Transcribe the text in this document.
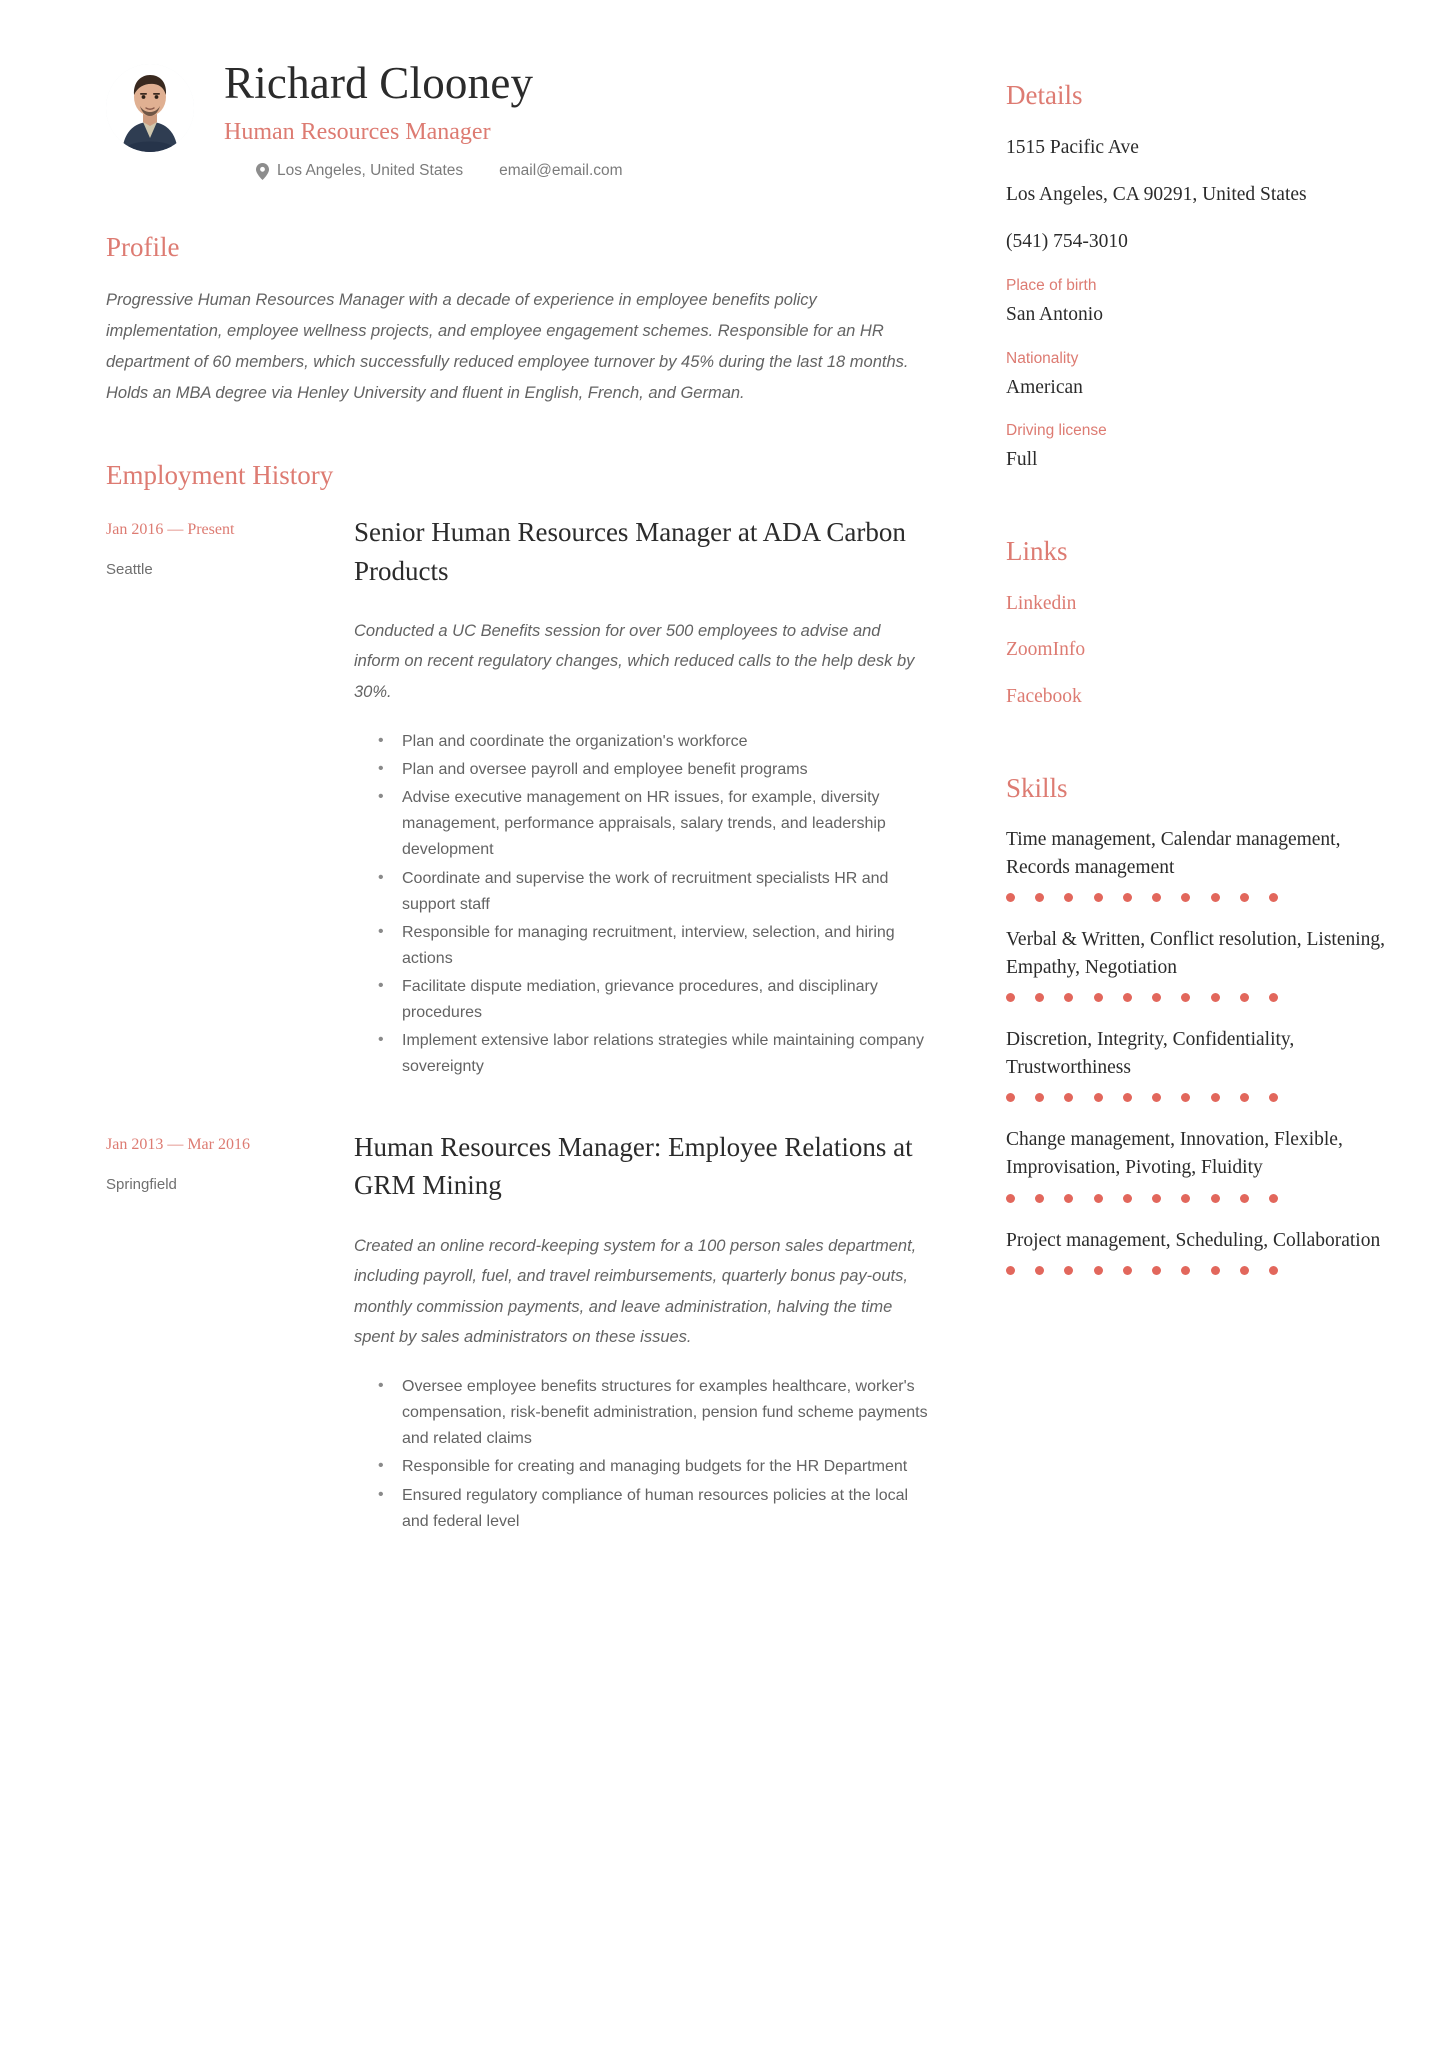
Richard Clooney
Human Resources Manager
Los Angeles, United States email@email.com
Profile

Progressive Human Resources Manager with a decade of experience in employee benefits policy implementation, employee wellness projects, and employee engagement schemes. Responsible for an HR department of 60 members, which successfully reduced employee turnover by 45% during the last 18 months. Holds an MBA degree via Henley University and fluent in English, French, and German.

Employment History
Jan 2016 — Present
Seattle
Senior Human Resources Manager at ADA Carbon Products

Conducted a UC Benefits session for over 500 employees to advise and inform on recent regulatory changes, which reduced calls to the help desk by 30%.

• Plan and coordinate the organization's workforce
• Plan and oversee payroll and employee benefit programs
• Advise executive management on HR issues, for example, diversity management, performance appraisals, salary trends, and leadership development
• Coordinate and supervise the work of recruitment specialists HR and support staff
• Responsible for managing recruitment, interview, selection, and hiring actions
• Facilitate dispute mediation, grievance procedures, and disciplinary procedures
• Implement extensive labor relations strategies while maintaining company sovereignty
Jan 2013 — Mar 2016
Springfield
Human Resources Manager: Employee Relations at GRM Mining

Created an online record-keeping system for a 100 person sales department, including payroll, fuel, and travel reimbursements, quarterly bonus pay-outs, monthly commission payments, and leave administration, halving the time spent by sales administrators on these issues.

• Oversee employee benefits structures for examples healthcare, worker's compensation, risk-benefit administration, pension fund scheme payments and related claims
• Responsible for creating and managing budgets for the HR Department
• Ensured regulatory compliance of human resources policies at the local and federal level
Details
1515 Pacific Ave
Los Angeles, CA 90291, United States
(541) 754-3010
Place of birth
San Antonio
Nationality
American
Driving license
Full
Links
Linkedin
ZoomInfo
Facebook
Skills
Time management, Calendar management, Records management
Verbal & Written, Conflict resolution, Listening, Empathy, Negotiation
Discretion, Integrity, Confidentiality, Trustworthiness
Change management, Innovation, Flexible, Improvisation, Pivoting, Fluidity
Project management, Scheduling, Collaboration
